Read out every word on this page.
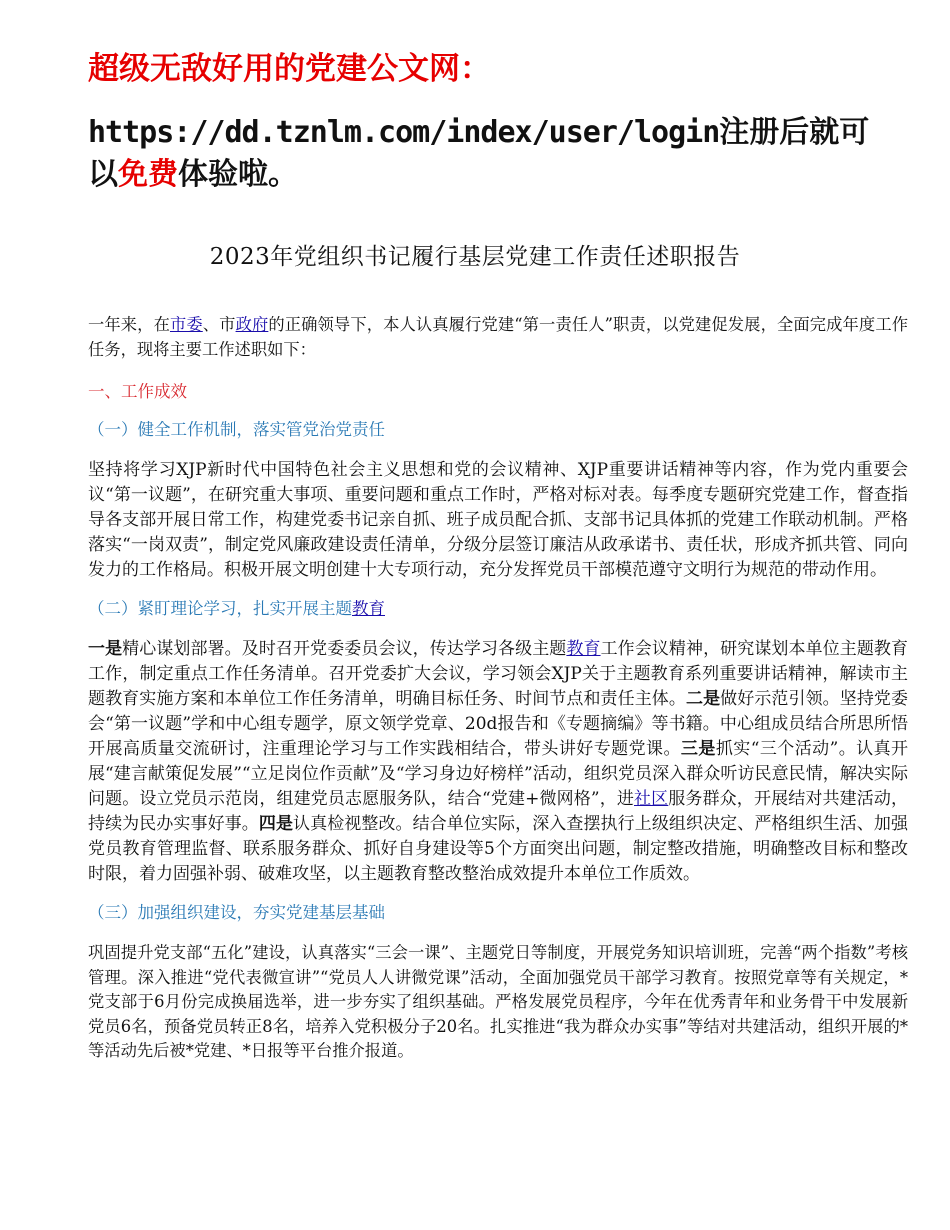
超级无敌好用的党建公文网：
https://dd.tznlm.com/index/user/login注册后就可
以免费体验啦。
2023年党组织书记履行基层党建工作责任述职报告

一年来，在市委、市政府的正确领导下，本人认真履行党建“第一责任人”职责，以党建促发展，全面完成年度工作任务，现将主要工作述职如下：

一、工作成效
（一）健全工作机制，落实管党治党责任

坚持将学习XJP新时代中国特色社会主义思想和党的会议精神、XJP重要讲话精神等内容，作为党内重要会议“第一议题”，在研究重大事项、重要问题和重点工作时，严格对标对表。每季度专题研究党建工作，督查指导各支部开展日常工作，构建党委书记亲自抓、班子成员配合抓、支部书记具体抓的党建工作联动机制。严格落实“一岗双责”，制定党风廉政建设责任清单，分级分层签订廉洁从政承诺书、责任状，形成齐抓共管、同向发力的工作格局。积极开展文明创建十大专项行动，充分发挥党员干部模范遵守文明行为规范的带动作用。

（二）紧盯理论学习，扎实开展主题教育

一是精心谋划部署。及时召开党委委员会议，传达学习各级主题教育工作会议精神，研究谋划本单位主题教育工作，制定重点工作任务清单。召开党委扩大会议，学习领会XJP关于主题教育系列重要讲话精神，解读市主题教育实施方案和本单位工作任务清单，明确目标任务、时间节点和责任主体。二是做好示范引领。坚持党委会“第一议题”学和中心组专题学，原文领学党章、20d报告和《专题摘编》等书籍。中心组成员结合所思所悟开展高质量交流研讨，注重理论学习与工作实践相结合，带头讲好专题党课。三是抓实“三个活动”。认真开展“建言献策促发展”“立足岗位作贡献”及“学习身边好榜样”活动，组织党员深入群众听访民意民情，解决实际问题。设立党员示范岗，组建党员志愿服务队，结合“党建+微网格”，进社区服务群众，开展结对共建活动，持续为民办实事好事。四是认真检视整改。结合单位实际，深入查摆执行上级组织决定、严格组织生活、加强党员教育管理监督、联系服务群众、抓好自身建设等5个方面突出问题，制定整改措施，明确整改目标和整改时限，着力固强补弱、破难攻坚，以主题教育整改整治成效提升本单位工作质效。

（三）加强组织建设，夯实党建基层基础

巩固提升党支部“五化”建设，认真落实“三会一课”、主题党日等制度，开展党务知识培训班，完善“两个指数”考核管理。深入推进“党代表微宣讲”“党员人人讲微党课”活动，全面加强党员干部学习教育。按照党章等有关规定，*党支部于6月份完成换届选举，进一步夯实了组织基础。严格发展党员程序，今年在优秀青年和业务骨干中发展新党员6名，预备党员转正8名，培养入党积极分子20名。扎实推进“我为群众办实事”等结对共建活动，组织开展的*等活动先后被*党建、*日报等平台推介报道。
